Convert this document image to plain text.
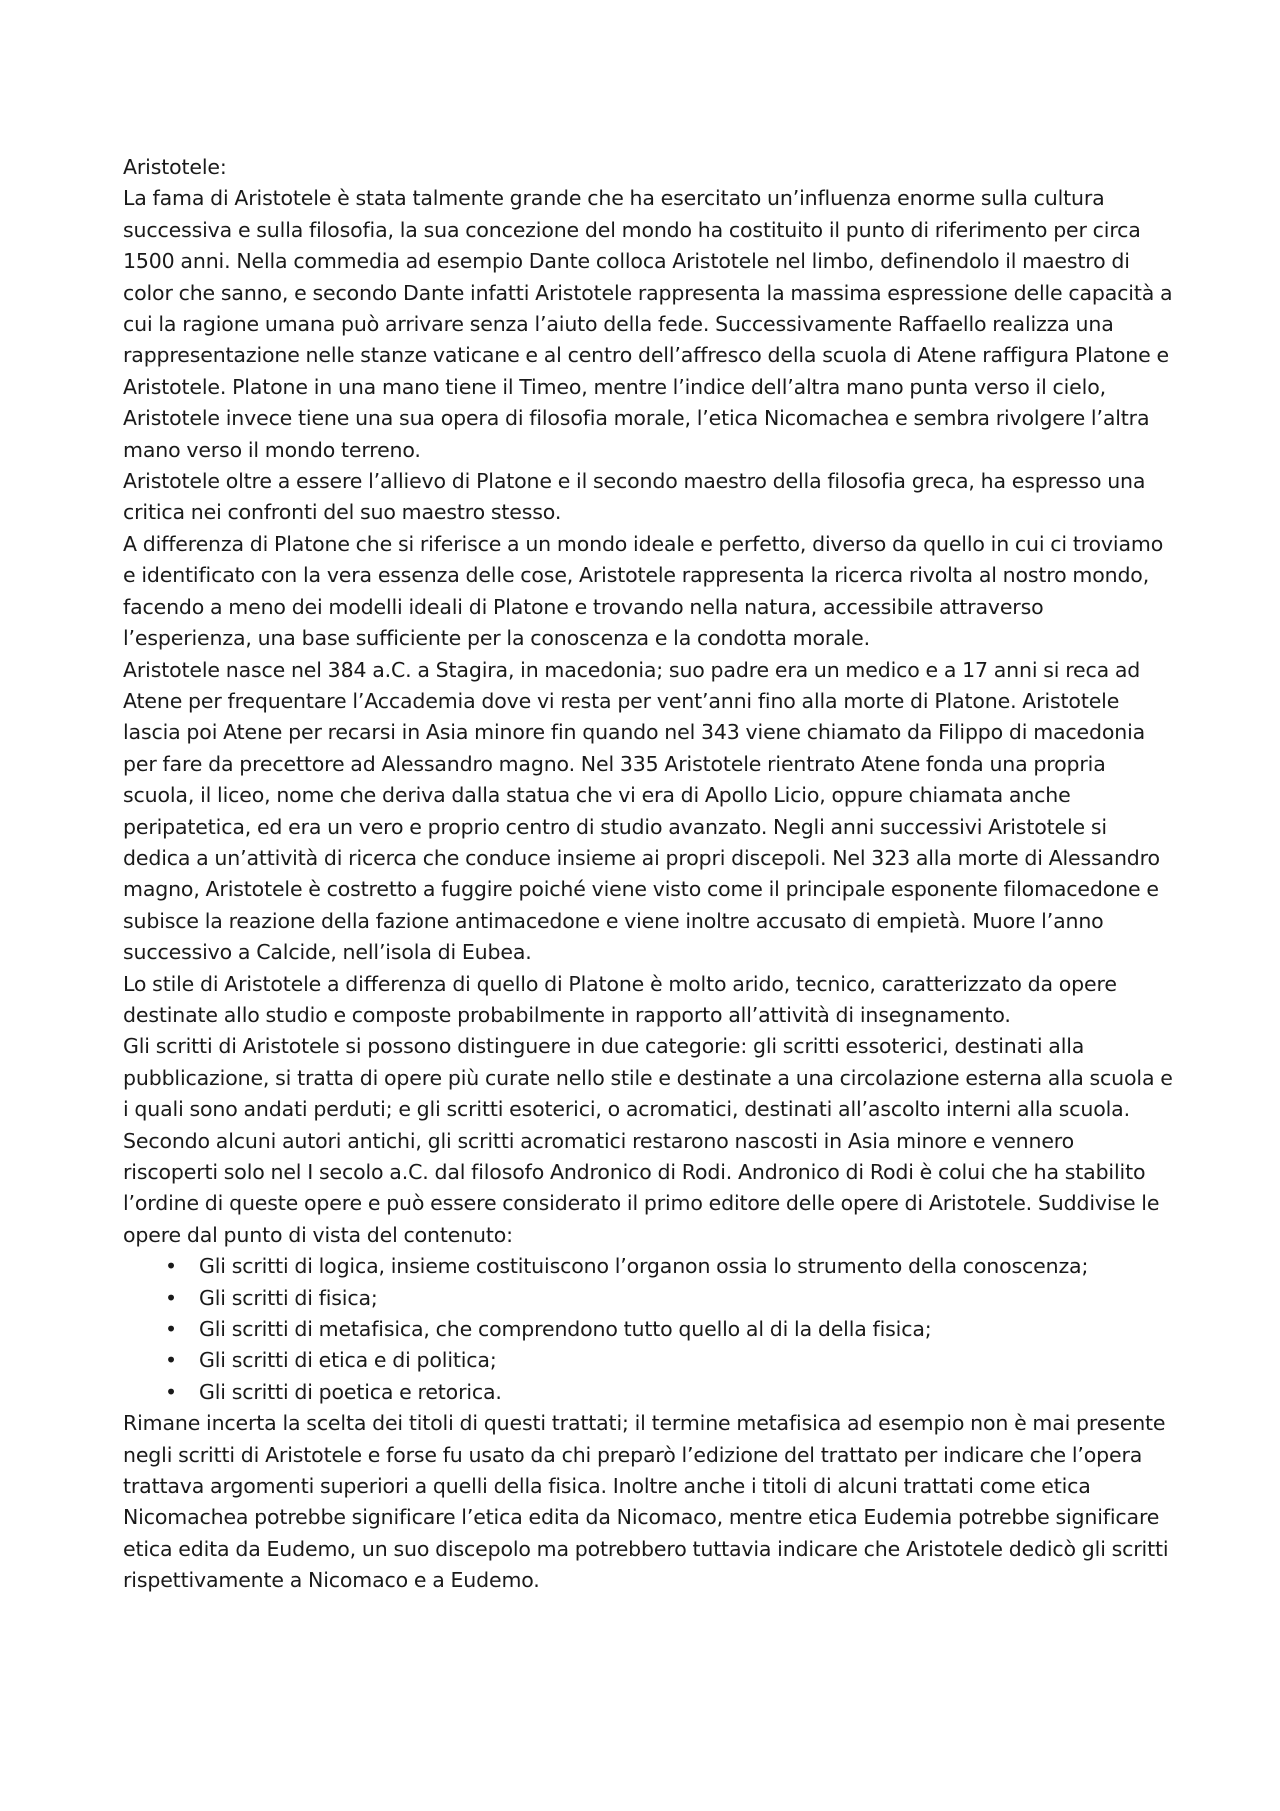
Aristotele:

La fama di Aristotele è stata talmente grande che ha esercitato un’influenza enorme sulla cultura successiva e sulla filosofia, la sua concezione del mondo ha costituito il punto di riferimento per circa 1500 anni. Nella commedia ad esempio Dante colloca Aristotele nel limbo, definendolo il maestro di color che sanno, e secondo Dante infatti Aristotele rappresenta la massima espressione delle capacità a cui la ragione umana può arrivare senza l’aiuto della fede. Successivamente Raffaello realizza una rappresentazione nelle stanze vaticane e al centro dell’affresco della scuola di Atene raffigura Platone e Aristotele. Platone in una mano tiene il Timeo, mentre l’indice dell’altra mano punta verso il cielo, Aristotele invece tiene una sua opera di filosofia morale, l’etica Nicomachea e sembra rivolgere l’altra mano verso il mondo terreno.

Aristotele oltre a essere l’allievo di Platone e il secondo maestro della filosofia greca, ha espresso una critica nei confronti del suo maestro stesso.

A differenza di Platone che si riferisce a un mondo ideale e perfetto, diverso da quello in cui ci troviamo e identificato con la vera essenza delle cose, Aristotele rappresenta la ricerca rivolta al nostro mondo, facendo a meno dei modelli ideali di Platone e trovando nella natura, accessibile attraverso l’esperienza, una base sufficiente per la conoscenza e la condotta morale.

Aristotele nasce nel 384 a.C. a Stagira, in macedonia; suo padre era un medico e a 17 anni si reca ad Atene per frequentare l’Accademia dove vi resta per vent’anni fino alla morte di Platone. Aristotele lascia poi Atene per recarsi in Asia minore fin quando nel 343 viene chiamato da Filippo di macedonia per fare da precettore ad Alessandro magno. Nel 335 Aristotele rientrato Atene fonda una propria scuola, il liceo, nome che deriva dalla statua che vi era di Apollo Licio, oppure chiamata anche peripatetica, ed era un vero e proprio centro di studio avanzato. Negli anni successivi Aristotele si dedica a un’attività di ricerca che conduce insieme ai propri discepoli. Nel 323 alla morte di Alessandro magno, Aristotele è costretto a fuggire poiché viene visto come il principale esponente filomacedone e subisce la reazione della fazione antimacedone e viene inoltre accusato di empietà. Muore l’anno successivo a Calcide, nell’isola di Eubea.

Lo stile di Aristotele a differenza di quello di Platone è molto arido, tecnico, caratterizzato da opere destinate allo studio e composte probabilmente in rapporto all’attività di insegnamento.

Gli scritti di Aristotele si possono distinguere in due categorie: gli scritti essoterici, destinati alla pubblicazione, si tratta di opere più curate nello stile e destinate a una circolazione esterna alla scuola e i quali sono andati perduti; e gli scritti esoterici, o acromatici, destinati all’ascolto interni alla scuola. Secondo alcuni autori antichi, gli scritti acromatici restarono nascosti in Asia minore e vennero riscoperti solo nel I secolo a.C. dal filosofo Andronico di Rodi. Andronico di Rodi è colui che ha stabilito l’ordine di queste opere e può essere considerato il primo editore delle opere di Aristotele. Suddivise le opere dal punto di vista del contenuto:

• Gli scritti di logica, insieme costituiscono l’organon ossia lo strumento della conoscenza;
• Gli scritti di fisica;
• Gli scritti di metafisica, che comprendono tutto quello al di la della fisica;
• Gli scritti di etica e di politica;
• Gli scritti di poetica e retorica.

Rimane incerta la scelta dei titoli di questi trattati; il termine metafisica ad esempio non è mai presente negli scritti di Aristotele e forse fu usato da chi preparò l’edizione del trattato per indicare che l’opera trattava argomenti superiori a quelli della fisica. Inoltre anche i titoli di alcuni trattati come etica Nicomachea potrebbe significare l’etica edita da Nicomaco, mentre etica Eudemia potrebbe significare etica edita da Eudemo, un suo discepolo ma potrebbero tuttavia indicare che Aristotele dedicò gli scritti rispettivamente a Nicomaco e a Eudemo.
